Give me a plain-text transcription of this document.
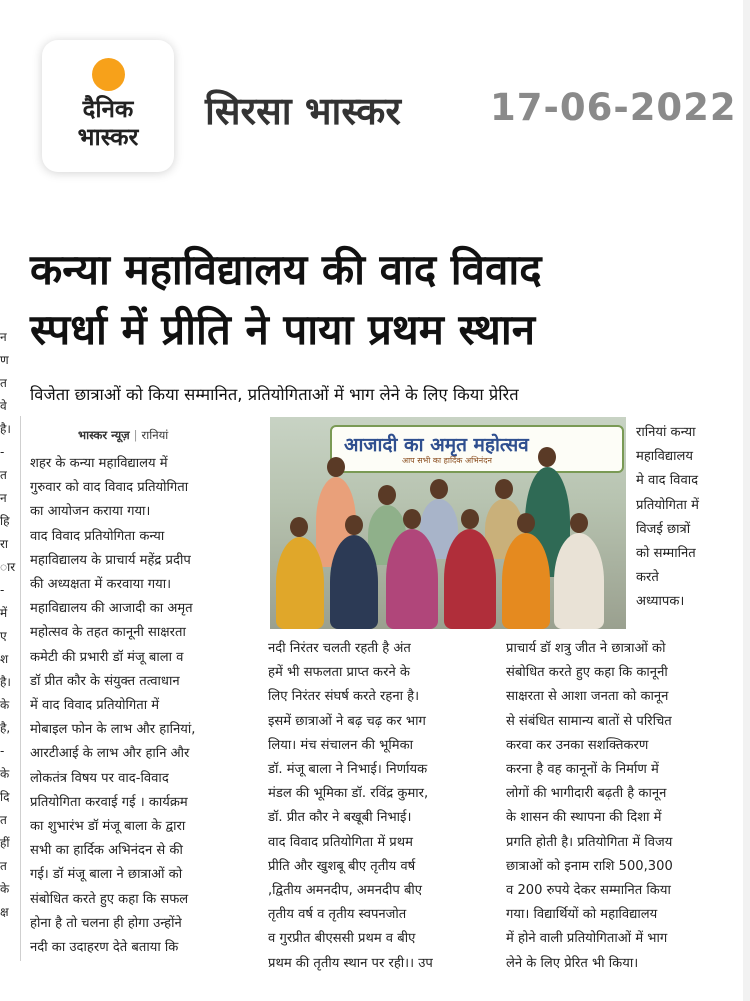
दैनिक
भास्कर
सिरसा भास्कर 17-06-2022
न
ण
त
वे
है।
-
त
न
हि
रा
ार
-
में
ए
श
है।
के
है,
-
के
दि
त
हीं
त
के
क्ष
कन्या महाविद्यालय की वाद विवाद
स्पर्धा में प्रीति ने पाया प्रथम स्थान
विजेता छात्राओं को किया सम्मानित, प्रतियोगिताओं में भाग लेने के लिए किया प्रेरित
भास्कर न्यूज़ | रानियां
शहर के कन्या महाविद्यालय में
गुरुवार को वाद विवाद प्रतियोगिता
का आयोजन कराया गया।
वाद विवाद प्रतियोगिता कन्या
महाविद्यालय के प्राचार्य महेंद्र प्रदीप
की अध्यक्षता में करवाया गया।
महाविद्यालय की आजादी का अमृत
महोत्सव के तहत कानूनी साक्षरता
कमेटी की प्रभारी डॉ मंजू बाला व
डॉ प्रीत कौर के संयुक्त तत्वाधान
में वाद विवाद प्रतियोगिता में
मोबाइल फोन के लाभ और हानियां,
आरटीआई के लाभ और हानि और
लोकतंत्र विषय पर वाद-विवाद
प्रतियोगिता करवाई गई । कार्यक्रम
का शुभारंभ डॉ मंजू बाला के द्वारा
सभी का हार्दिक अभिनंदन से की
गई। डॉ मंजू बाला ने छात्राओं को
संबोधित करते हुए कहा कि सफल
होना है तो चलना ही होगा उन्होंने
नदी का उदाहरण देते बताया कि
नदी निरंतर चलती रहती है अंत
हमें भी सफलता प्राप्त करने के
लिए निरंतर संघर्ष करते रहना है।
इसमें छात्राओं ने बढ़ चढ़ कर भाग
लिया। मंच संचालन की भूमिका
डॉ. मंजू बाला ने निभाई। निर्णायक
मंडल की भूमिका डॉ. रविंद्र कुमार,
डॉ. प्रीत कौर ने बखूबी निभाई।
वाद विवाद प्रतियोगिता में प्रथम
प्रीति और खुशबू बीए तृतीय वर्ष
,द्वितीय अमनदीप, अमनदीप बीए
तृतीय वर्ष व तृतीय स्वपनजोत
व गुरप्रीत बीएससी प्रथम व बीए
प्रथम की तृतीय स्थान पर रही।। उप
प्राचार्य डॉ शत्रु जीत ने छात्राओं को
संबोधित करते हुए कहा कि कानूनी
साक्षरता से आशा जनता को कानून
से संबंधित सामान्य बातों से परिचित
करवा कर उनका सशक्तिकरण
करना है वह कानूनों के निर्माण में
लोगों की भागीदारी बढ़ती है कानून
के शासन की स्थापना की दिशा में
प्रगति होती है। प्रतियोगिता में विजय
छात्राओं को इनाम राशि 500,300
व 200 रुपये देकर सम्मानित किया
गया। विद्यार्थियों को महाविद्यालय
में होने वाली प्रतियोगिताओं में भाग
लेने के लिए प्रेरित भी किया।
आजादी का अमृत महोत्सव
आप सभी का हार्दिक अभिनंदन
रानियां कन्या
महाविद्यालय
मे वाद विवाद
प्रतियोगिता में
विजई छात्रों
को सम्मानित
करते
अध्यापक।
